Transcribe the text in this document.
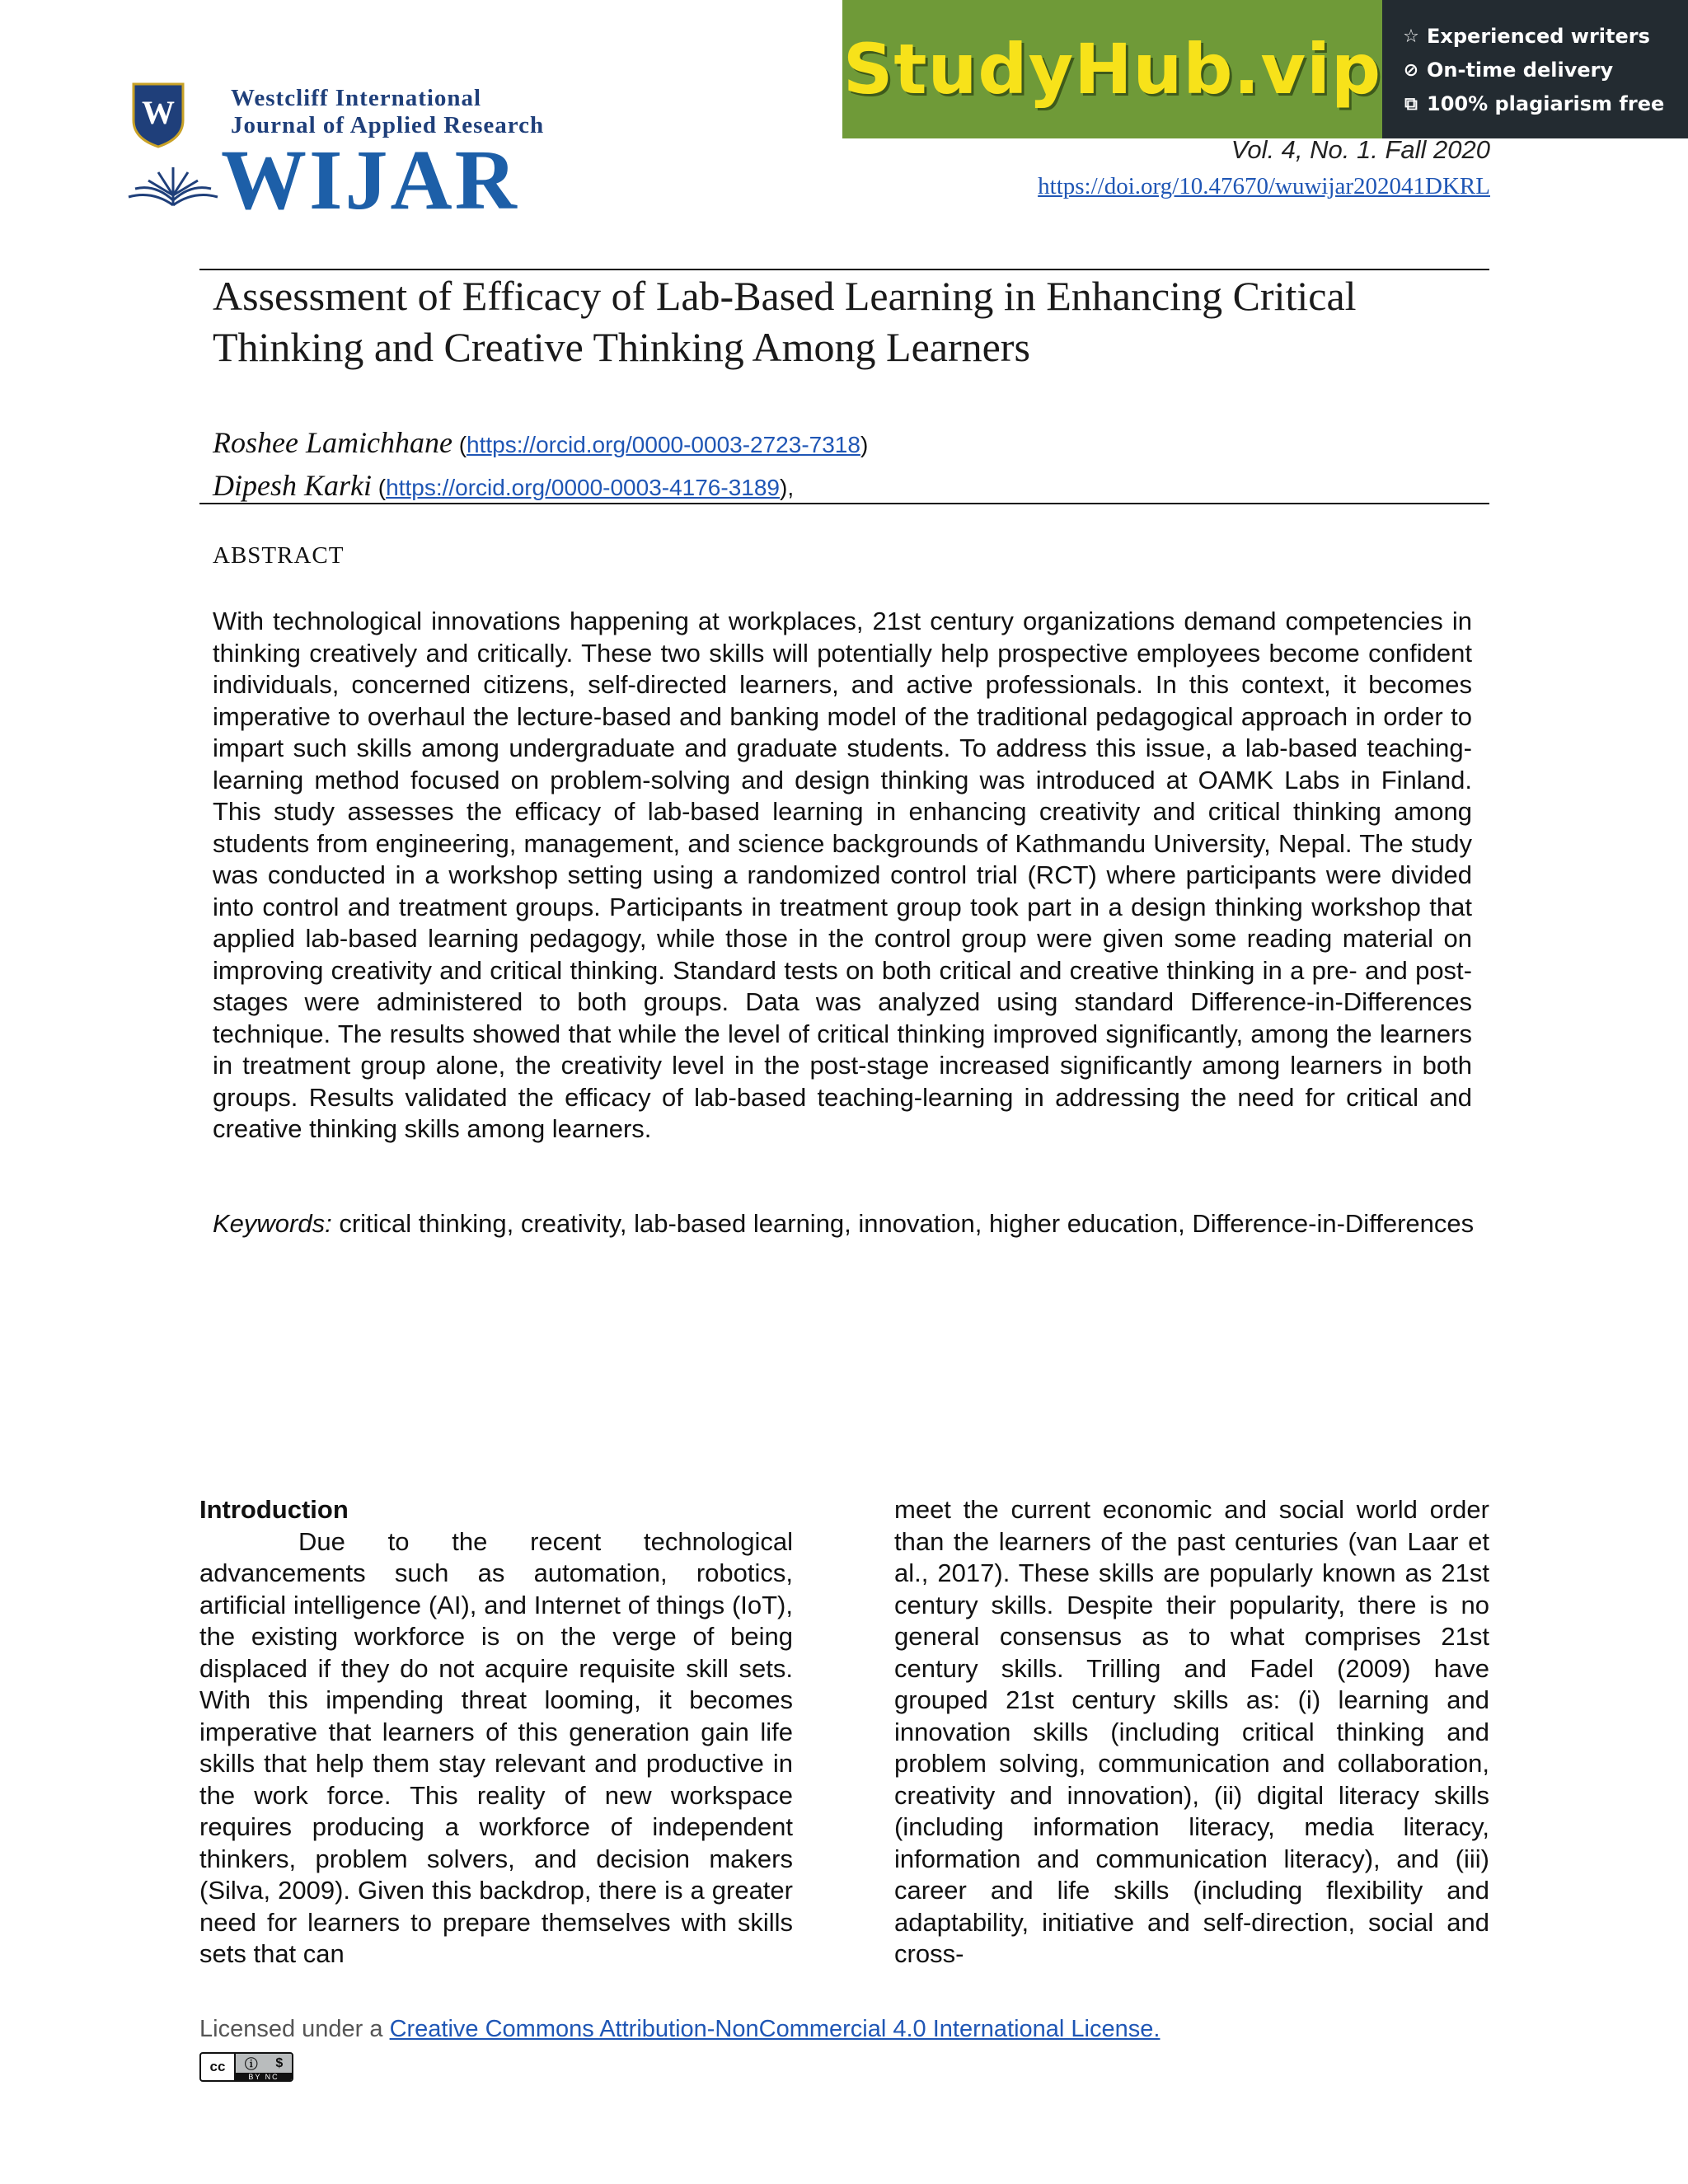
W Westcliff International
Journal of Applied Research
WIJAR
StudyHub.vip ☆ Experienced writers
⊘ On-time delivery
⧉ 100% plagiarism free
Vol. 4, No. 1. Fall 2020
https://doi.org/10.47670/wuwijar202041DKRL
Assessment of Efficacy of Lab-Based Learning in Enhancing Critical
Thinking and Creative Thinking Among Learners
Roshee Lamichhane (https://orcid.org/0000-0003-2723-7318)
Dipesh Karki (https://orcid.org/0000-0003-4176-3189),
ABSTRACT

With technological innovations happening at workplaces, 21st century organizations demand competencies in thinking creatively and critically. These two skills will potentially help prospective employees become confident individuals, concerned citizens, self-directed learners, and active professionals. In this context, it becomes imperative to overhaul the lecture-based and banking model of the traditional pedagogical approach in order to impart such skills among undergraduate and graduate students. To address this issue, a lab-based teaching-learning method focused on problem-solving and design thinking was introduced at OAMK Labs in Finland. This study assesses the efficacy of lab-based learning in enhancing creativity and critical thinking among students from engineering, management, and science backgrounds of Kathmandu University, Nepal. The study was conducted in a workshop setting using a randomized control trial (RCT) where participants were divided into control and treatment groups. Participants in treatment group took part in a design thinking workshop that applied lab-based learning pedagogy, while those in the control group were given some reading material on improving creativity and critical thinking. Standard tests on both critical and creative thinking in a pre- and post-stages were administered to both groups. Data was analyzed using standard Difference-in-Differences technique. The results showed that while the level of critical thinking improved significantly, among the learners in treatment group alone, the creativity level in the post-stage increased significantly among learners in both groups. Results validated the efficacy of lab-based teaching-learning in addressing the need for critical and creative thinking skills among learners.

Keywords: critical thinking, creativity, lab-based learning, innovation, higher education, Difference-in-Differences

Introduction

Due to the recent technological advancements such as automation, robotics, artificial intelligence (AI), and Internet of things (IoT), the existing workforce is on the verge of being displaced if they do not acquire requisite skill sets. With this impending threat looming, it becomes imperative that learners of this generation gain life skills that help them stay relevant and productive in the work force. This reality of new workspace requires producing a workforce of independent thinkers, problem solvers, and decision makers (Silva, 2009). Given this backdrop, there is a greater need for learners to prepare themselves with skills sets that can

meet the current economic and social world order than the learners of the past centuries (van Laar et al., 2017). These skills are popularly known as 21st century skills. Despite their popularity, there is no general consensus as to what comprises 21st century skills. Trilling and Fadel (2009) have grouped 21st century skills as: (i) learning and innovation skills (including critical thinking and problem solving, communication and collaboration, creativity and innovation), (ii) digital literacy skills (including information literacy, media literacy, information and communication literacy), and (iii) career and life skills (including flexibility and adaptability, initiative and self-direction, social and cross-

Licensed under a Creative Commons Attribution-NonCommercial 4.0 International License.
cc	ⓘ $
BY NC
